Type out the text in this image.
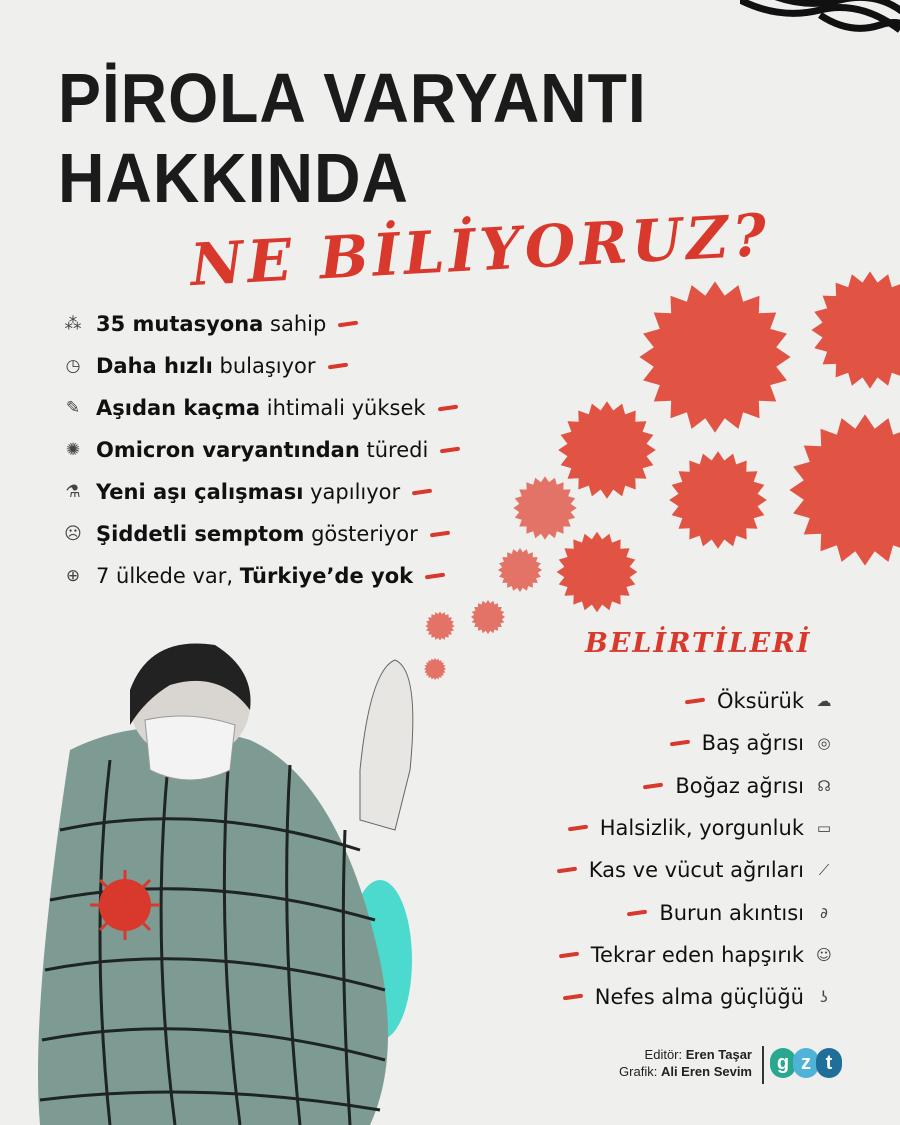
PİROLA VARYANTI
HAKKINDA
NE BİLİYORUZ?
⁂ 35 mutasyona sahip
◷ Daha hızlı bulaşıyor
✎ Aşıdan kaçma ihtimali yüksek
✺ Omicron varyantından türedi
⚗ Yeni aşı çalışması yapılıyor
☹ Şiddetli semptom gösteriyor
⊕ 7 ülkede var, Türkiye’de yok
BELİRTİLERİ
Öksürük ☁
Baş ağrısı ◎
Boğaz ağrısı ☊
Halsizlik, yorgunluk ▭
Kas ve vücut ağrıları ⟋
Burun akıntısı	∂
Tekrar eden hapşırık ☺
Nefes alma güçlüğü	ʖ
Editör: Eren Taşar
Grafik: Ali Eren Sevim	g z t
